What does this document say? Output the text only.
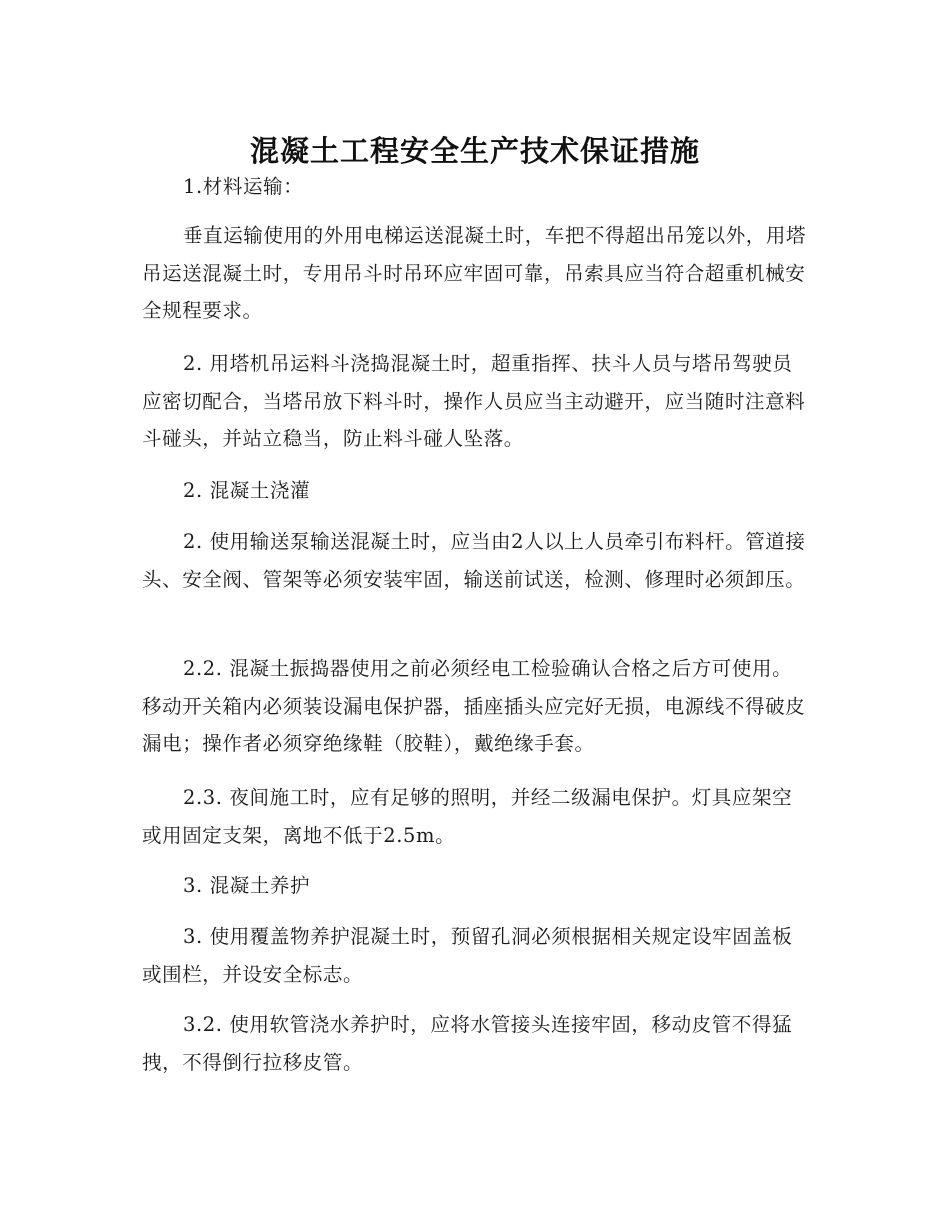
混凝土工程安全生产技术保证措施

1.材料运输：

垂直运输使用的外用电梯运送混凝土时，车把不得超出吊笼以外，用塔吊运送混凝土时，专用吊斗时吊环应牢固可靠，吊索具应当符合超重机械安全规程要求。

2. 用塔机吊运料斗浇捣混凝土时，超重指挥、扶斗人员与塔吊驾驶员应密切配合，当塔吊放下料斗时，操作人员应当主动避开，应当随时注意料斗碰头，并站立稳当，防止料斗碰人坠落。

2. 混凝土浇灌

2. 使用输送泵输送混凝土时，应当由2人以上人员牵引布料杆。管道接头、安全阀、管架等必须安装牢固，输送前试送，检测、修理时必须卸压。

2.2. 混凝土振捣器使用之前必须经电工检验确认合格之后方可使用。移动开关箱内必须装设漏电保护器，插座插头应完好无损，电源线不得破皮漏电；操作者必须穿绝缘鞋（胶鞋），戴绝缘手套。

2.3. 夜间施工时，应有足够的照明，并经二级漏电保护。灯具应架空或用固定支架，离地不低于2.5m。

3. 混凝土养护

3. 使用覆盖物养护混凝土时，预留孔洞必须根据相关规定设牢固盖板或围栏，并设安全标志。

3.2. 使用软管浇水养护时，应将水管接头连接牢固，移动皮管不得猛拽，不得倒行拉移皮管。
